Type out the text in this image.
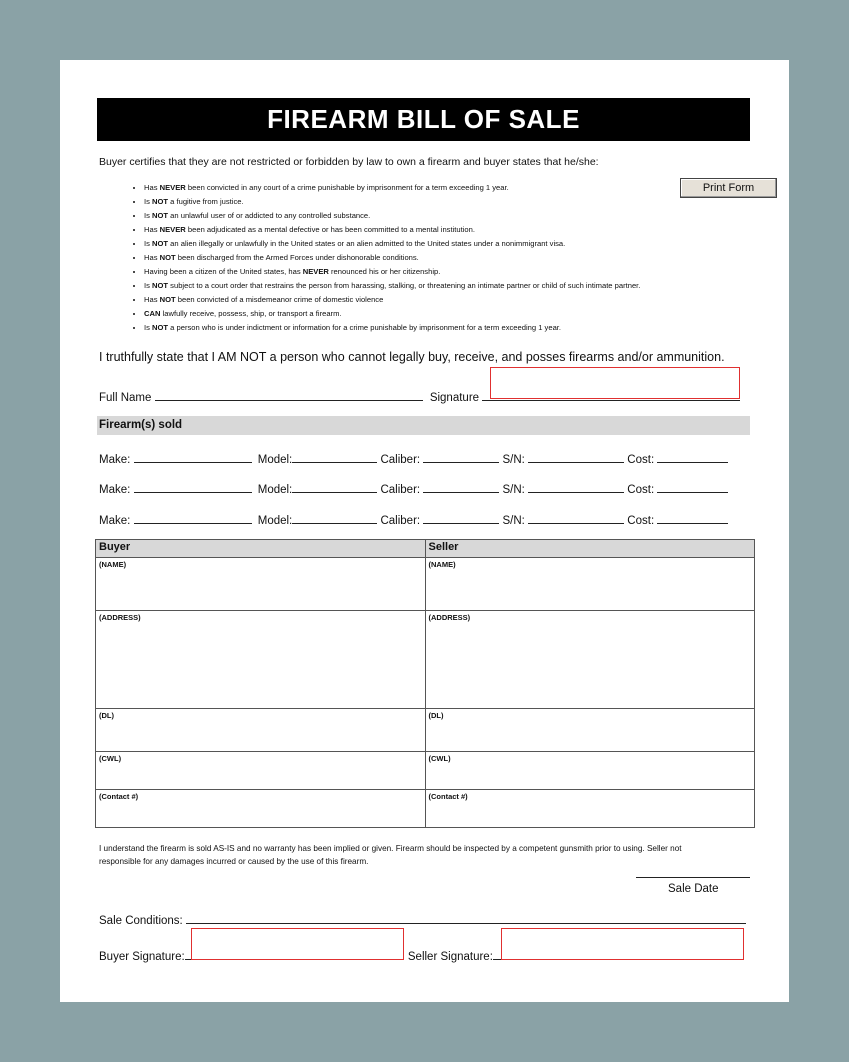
FIREARM BILL OF SALE
Buyer certifies that they are not restricted or forbidden by law to own a firearm and buyer states that he/she:
Print Form
• Has NEVER been convicted in any court of a crime punishable by imprisonment for a term exceeding 1 year.
• Is NOT a fugitive from justice.
• Is NOT an unlawful user of or addicted to any controlled substance.
• Has NEVER been adjudicated as a mental defective or has been committed to a mental institution.
• Is NOT an alien illegally or unlawfully in the United states or an alien admitted to the United states under a nonimmigrant visa.
• Has NOT been discharged from the Armed Forces under dishonorable conditions.
• Having been a citizen of the United states, has NEVER renounced his or her citizenship.
• Is NOT subject to a court order that restrains the person from harassing, stalking, or threatening an intimate partner or child of such intimate partner.
• Has NOT been convicted of a misdemeanor crime of domestic violence
• CAN lawfully receive, possess, ship, or transport a firearm.
• Is NOT a person who is under indictment or information for a crime punishable by imprisonment for a term exceeding 1 year.
I truthfully state that I AM NOT a person who cannot legally buy, receive, and posses firearms and/or ammunition.
Full Name	Signature
Firearm(s) sold
Make:	Model:	Caliber:	S/N:	Cost:
Make:	Model:	Caliber:	S/N:	Cost:
Make:	Model:	Caliber:	S/N:	Cost:
Buyer	Seller
(NAME)	(NAME)
(ADDRESS)	(ADDRESS)
(DL)	(DL)
(CWL)	(CWL)
(Contact #)	(Contact #)
I understand the firearm is sold AS-IS and no warranty has been implied or given. Firearm should be inspected by a competent gunsmith prior to using. Seller not responsible for any damages incurred or caused by the use of this firearm.
Sale Date
Sale Conditions:
Buyer Signature:	Seller Signature:
